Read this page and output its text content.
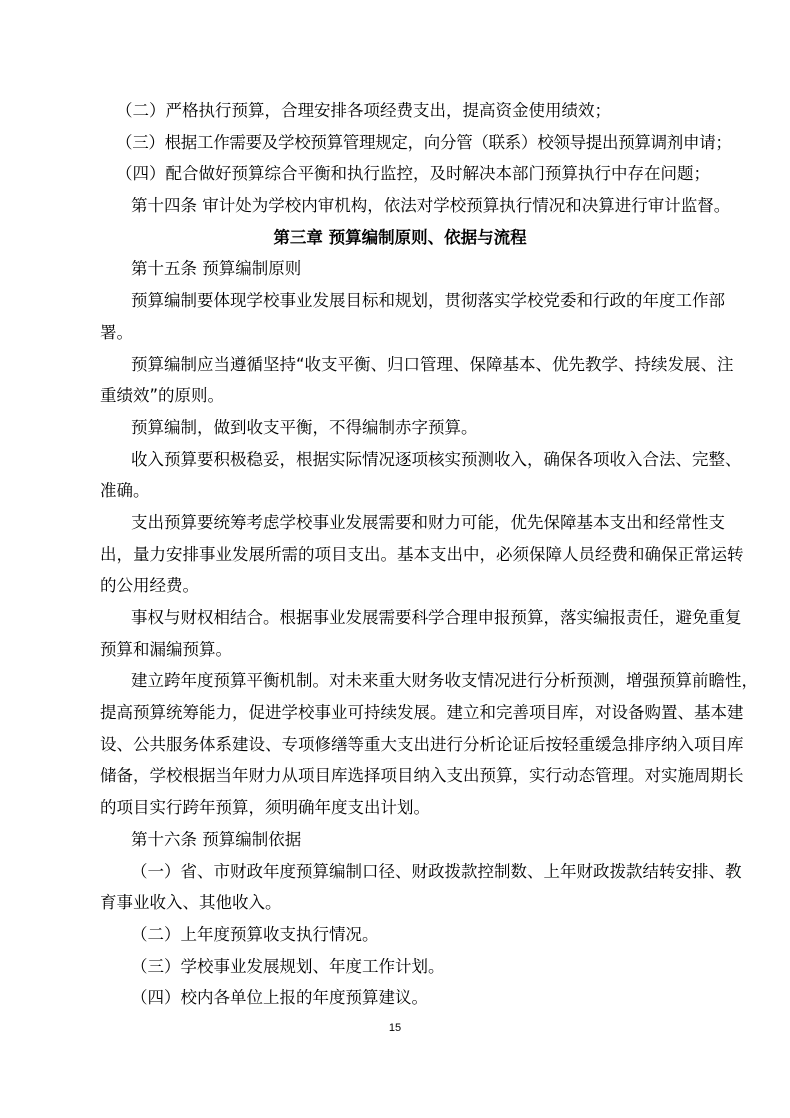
（二）严格执行预算，合理安排各项经费支出，提高资金使用绩效；

（三）根据工作需要及学校预算管理规定，向分管（联系）校领导提出预算调剂申请；

（四）配合做好预算综合平衡和执行监控，及时解决本部门预算执行中存在问题；

第十四条 审计处为学校内审机构，依法对学校预算执行情况和决算进行审计监督。

第三章 预算编制原则、依据与流程

第十五条 预算编制原则

预算编制要体现学校事业发展目标和规划，贯彻落实学校党委和行政的年度工作部

署。

预算编制应当遵循坚持“收支平衡、归口管理、保障基本、优先教学、持续发展、注

重绩效”的原则。

预算编制，做到收支平衡，不得编制赤字预算。

收入预算要积极稳妥，根据实际情况逐项核实预测收入，确保各项收入合法、完整、

准确。

支出预算要统筹考虑学校事业发展需要和财力可能，优先保障基本支出和经常性支

出，量力安排事业发展所需的项目支出。基本支出中，必须保障人员经费和确保正常运转

的公用经费。

事权与财权相结合。根据事业发展需要科学合理申报预算，落实编报责任，避免重复

预算和漏编预算。

建立跨年度预算平衡机制。对未来重大财务收支情况进行分析预测，增强预算前瞻性，

提高预算统筹能力，促进学校事业可持续发展。建立和完善项目库，对设备购置、基本建

设、公共服务体系建设、专项修缮等重大支出进行分析论证后按轻重缓急排序纳入项目库

储备，学校根据当年财力从项目库选择项目纳入支出预算，实行动态管理。对实施周期长

的项目实行跨年预算，须明确年度支出计划。

第十六条 预算编制依据

（一）省、市财政年度预算编制口径、财政拨款控制数、上年财政拨款结转安排、教

育事业收入、其他收入。

（二）上年度预算收支执行情况。

（三）学校事业发展规划、年度工作计划。

（四）校内各单位上报的年度预算建议。

15
